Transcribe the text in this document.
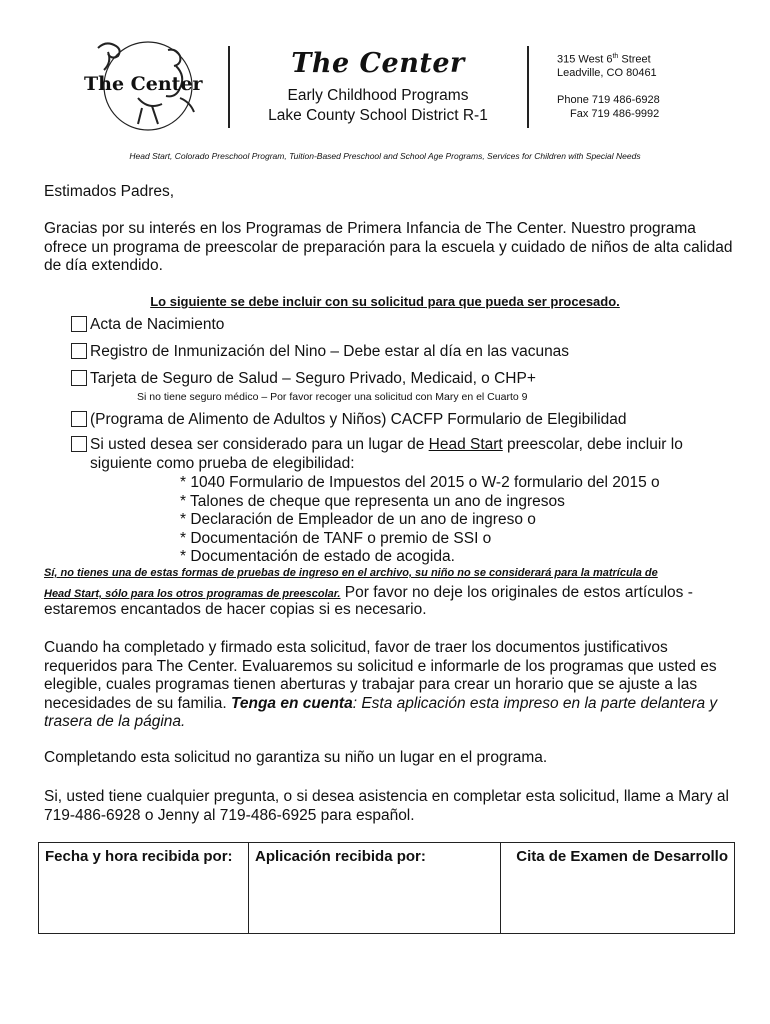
The Center
The Center
Early Childhood Programs
Lake County School District R-1
315 West 6th Street
Leadville, CO 80461
Phone 719 486-6928
Fax 719 486-9992
Head Start, Colorado Preschool Program, Tuition-Based Preschool and School Age Programs, Services for Children with Special Needs
Estimados Padres,
Gracias por su interés en los Programas de Primera Infancia de The Center. Nuestro programa ofrece un programa de preescolar de preparación para la escuela y cuidado de niños de alta calidad de día extendido.
Lo siguiente se debe incluir con su solicitud para que pueda ser procesado.
Acta de Nacimiento
Registro de Inmunización del Nino – Debe estar al día en las vacunas
Tarjeta de Seguro de Salud – Seguro Privado, Medicaid, o CHP+
Si no tiene seguro médico – Por favor recoger una solicitud con Mary en el Cuarto 9
(Programa de Alimento de Adultos y Niños) CACFP Formulario de Elegibilidad
Si usted desea ser considerado para un lugar de Head Start preescolar, debe incluir lo siguiente como prueba de elegibilidad:
* 1040 Formulario de Impuestos del 2015 o W-2 formulario del 2015 o
* Talones de cheque que representa un ano de ingresos
* Declaración de Empleador de un ano de ingreso o
* Documentación de TANF o premio de SSI o
* Documentación de estado de acogida.
Sí, no tienes una de estas formas de pruebas de ingreso en el archivo, su niño no se considerará para la matrícula de
Head Start, sólo para los otros programas de preescolar. Por favor no deje los originales de estos artículos -
estaremos encantados de hacer copias si es necesario.
Cuando ha completado y firmado esta solicitud, favor de traer los documentos justificativos requeridos para The Center. Evaluaremos su solicitud e informarle de los programas que usted es elegible, cuales programas tienen aberturas y trabajar para crear un horario que se ajuste a las necesidades de su familia. Tenga en cuenta: Esta aplicación esta impreso en la parte delantera y trasera de la página.
Completando esta solicitud no garantiza su niño un lugar en el programa.
Si, usted tiene cualquier pregunta, o si desea asistencia en completar esta solicitud, llame a Mary al 719-486-6928 o Jenny al 719-486-6925 para español.
Fecha y hora recibida por:	Aplicación recibida por:	Cita de Examen de Desarrollo
